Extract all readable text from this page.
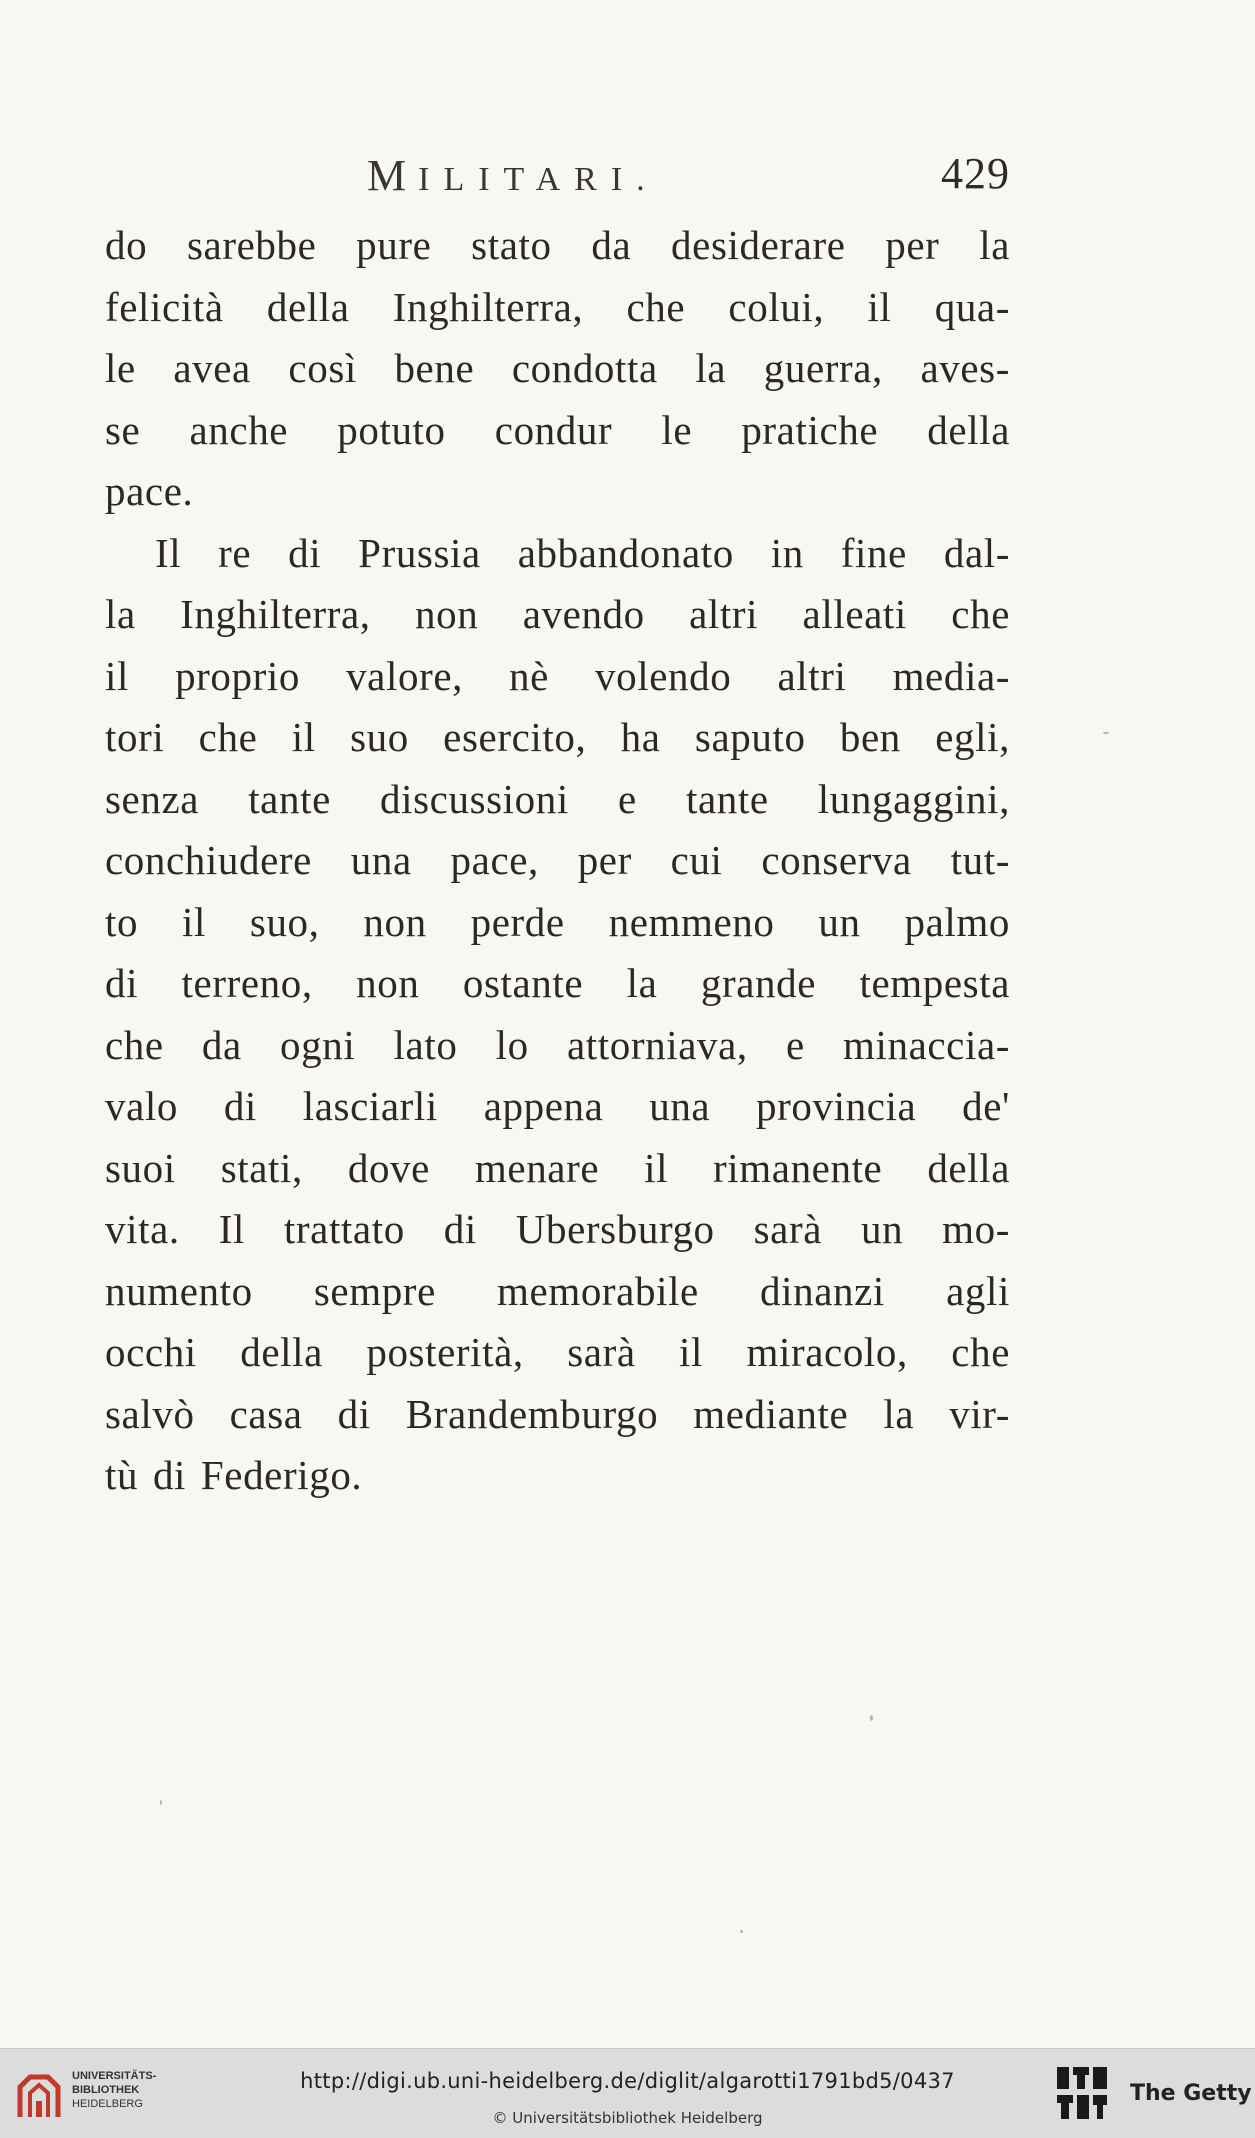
MILITARI.	429
do sarebbe pure stato da desiderare per la
felicità della Inghilterra, che colui, il qua-
le avea così bene condotta la guerra, aves-
se anche potuto condur le pratiche della
pace.
Il re di Prussia abbandonato in fine dal-
la Inghilterra, non avendo altri alleati che
il proprio valore, nè volendo altri media-
tori che il suo esercito, ha saputo ben egli,
senza tante discussioni e tante lungaggini,
conchiudere una pace, per cui conserva tut-
to il suo, non perde nemmeno un palmo
di terreno, non ostante la grande tempesta
che da ogni lato lo attorniava, e minaccia-
valo di lasciarli appena una provincia de'
suoi stati, dove menare il rimanente della
vita. Il trattato di Ubersburgo sarà un mo-
numento sempre memorabile dinanzi agli
occhi della posterità, sarà il miracolo, che
salvò casa di Brandemburgo mediante la vir-
tù di Federigo.
UNIVERSITÄTS-
BIBLIOTHEK
HEIDELBERG
http://digi.ub.uni-heidelberg.de/diglit/algarotti1791bd5/0437
© Universitätsbibliothek Heidelberg
The Getty
